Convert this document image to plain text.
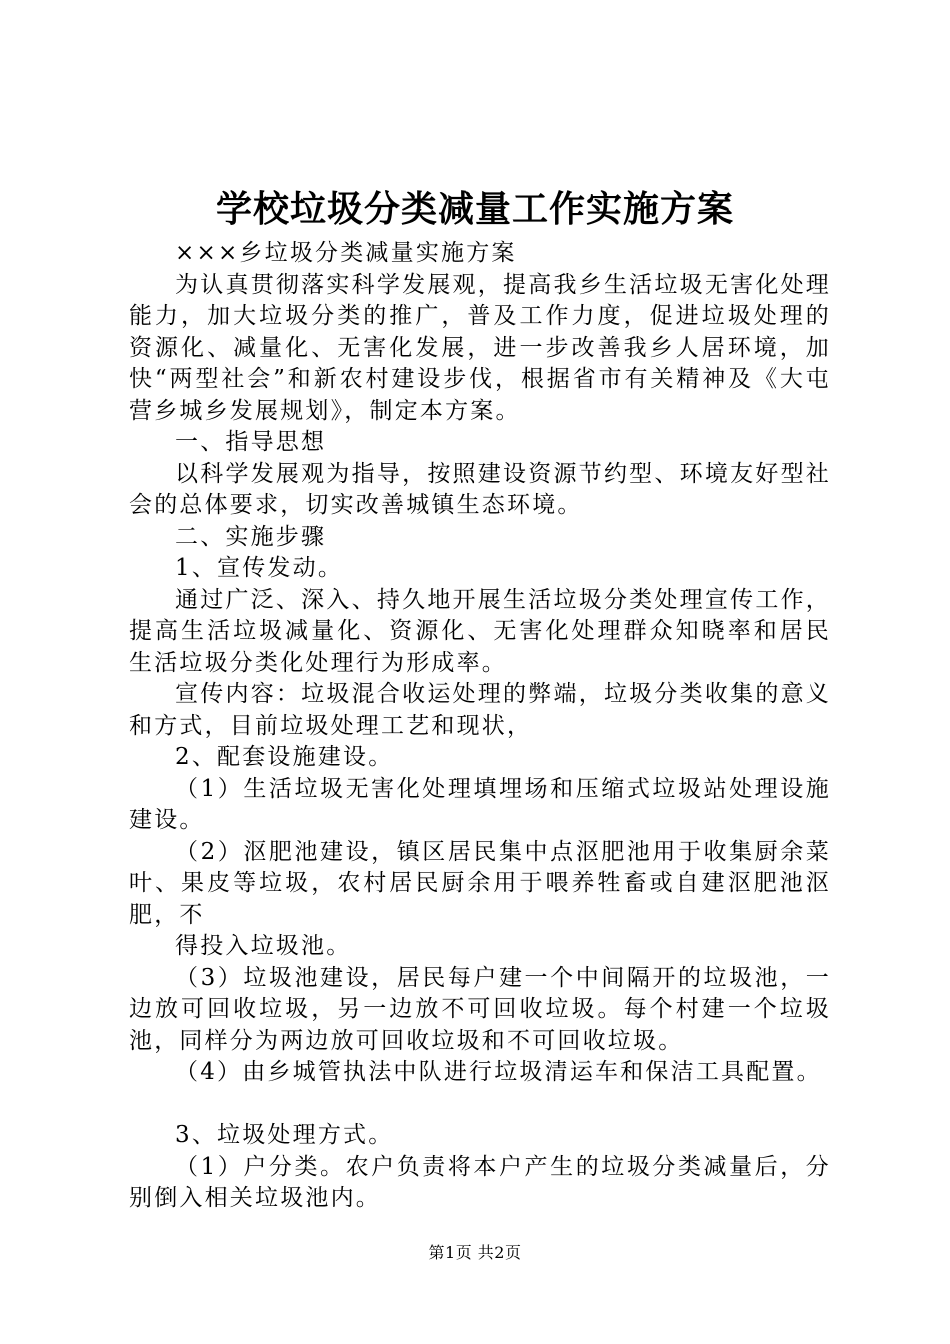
学校垃圾分类减量工作实施方案

×××乡垃圾分类减量实施方案

为认真贯彻落实科学发展观，提高我乡生活垃圾无害化处理能力，加大垃圾分类的推广，普及工作力度，促进垃圾处理的资源化、减量化、无害化发展，进一步改善我乡人居环境，加快“两型社会”和新农村建设步伐，根据省市有关精神及《大屯营乡城乡发展规划》，制定本方案。

一、指导思想

以科学发展观为指导，按照建设资源节约型、环境友好型社会的总体要求，切实改善城镇生态环境。

二、实施步骤

1、宣传发动。

通过广泛、深入、持久地开展生活垃圾分类处理宣传工作，提高生活垃圾减量化、资源化、无害化处理群众知晓率和居民生活垃圾分类化处理行为形成率。

宣传内容：垃圾混合收运处理的弊端，垃圾分类收集的意义和方式，目前垃圾处理工艺和现状，

2、配套设施建设。

（1）生活垃圾无害化处理填埋场和压缩式垃圾站处理设施建设。

（2）沤肥池建设，镇区居民集中点沤肥池用于收集厨余菜叶、果皮等垃圾，农村居民厨余用于喂养牲畜或自建沤肥池沤肥，不

得投入垃圾池。

（3）垃圾池建设，居民每户建一个中间隔开的垃圾池，一边放可回收垃圾，另一边放不可回收垃圾。每个村建一个垃圾池，同样分为两边放可回收垃圾和不可回收垃圾。

（4）由乡城管执法中队进行垃圾清运车和保洁工具配置。

3、垃圾处理方式。

（1）户分类。农户负责将本户产生的垃圾分类减量后，分别倒入相关垃圾池内。

第1页 共2页
